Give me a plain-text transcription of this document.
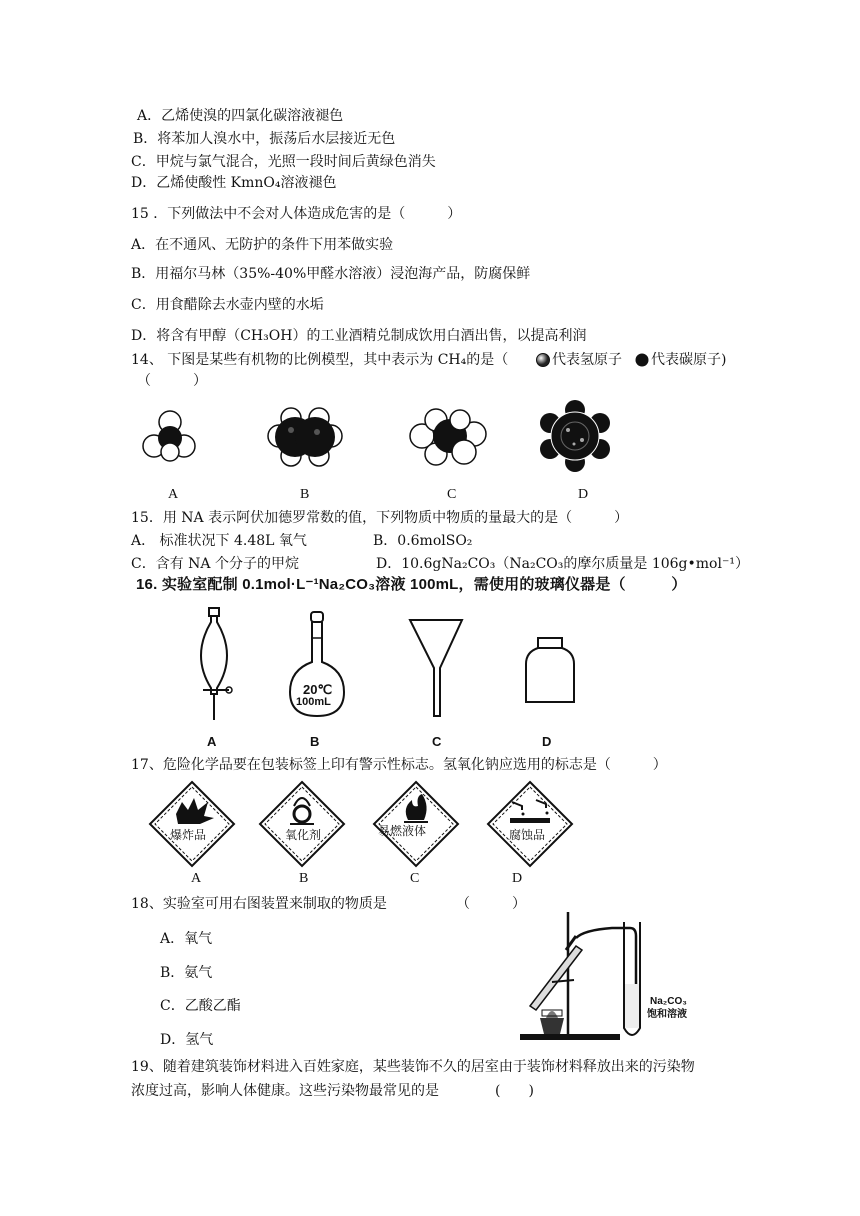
A．乙烯使溴的四氯化碳溶液褪色
B．将苯加人溴水中，振荡后水层接近无色
C．甲烷与氯气混合，光照一段时间后黄绿色消失
D．乙烯使酸性 KmnO₄溶液褪色
15 ．下列做法中不会对人体造成危害的是（　　　）
A．在不通风、无防护的条件下用苯做实验
B．用福尔马林（35%-40%甲醛水溶液）浸泡海产品，防腐保鲜
C．用食醋除去水壶内壁的水垢
D．将含有甲醇（CH₃OH）的工业酒精兑制成饮用白酒出售，以提高利润
14、 下图是某些有机物的比例模型，其中表示为 CH₄的是（	代表氢原子 代表碳原子)
（　　　）
A	B	C	D
15．用 NA 表示阿伏加德罗常数的值，下列物质中物质的量最大的是（　　　）
A． 标准状况下 4.48L 氧气	B．0.6molSO₂
C．含有 NA 个分子的甲烷	D．10.6gNa₂CO₃（Na₂CO₃的摩尔质量是 106g•mol⁻¹）
16. 实验室配制 0.1mol·L⁻¹Na₂CO₃溶液 100mL，需使用的玻璃仪器是（　　　）
20℃
100mL
A	B	C	D
17、危险化学品要在包装标签上印有警示性标志。氢氧化钠应选用的标志是（　　　）
爆炸品	氧化剂	易燃液体	腐蚀品
A	B	C	D
18、实验室可用右图装置来制取的物质是	（　　　）
A．氧气
B．氨气
C．乙酸乙酯
D．氢气
Na₂CO₃
饱和溶液
19、随着建筑装饰材料进入百姓家庭，某些装饰不久的居室由于装饰材料释放出来的污染物
浓度过高，影响人体健康。这些污染物最常见的是	(　　)
